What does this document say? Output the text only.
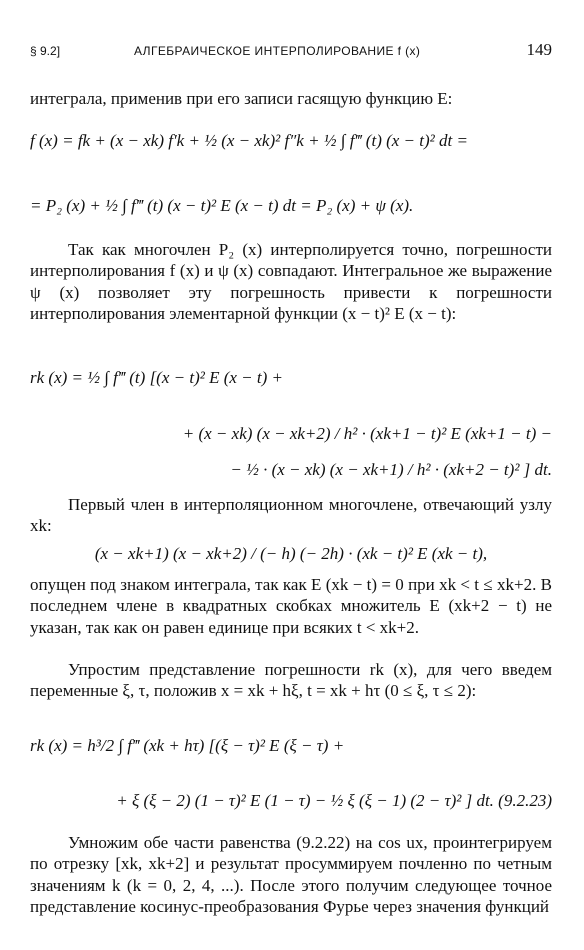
§ 9.2]	АЛГЕБРАИЧЕСКОЕ ИНТЕРПОЛИРОВАНИЕ f (x)	149
интеграла, применив при его записи гасящую функцию E:
f (x) = fk + (x − xk) f′k + ½ (x − xk)² f″k + ½ ∫ f‴ (t) (x − t)² dt =
= P₂ (x) + ½ ∫ f‴ (t) (x − t)² E (x − t) dt = P₂ (x) + ψ (x).
Так как многочлен P₂ (x) интерполируется точно, погрешности интерполирования f (x) и ψ (x) совпадают. Интегральное же выражение ψ (x) позволяет эту погрешность привести к погрешности интерполирования элементарной функции (x − t)² E (x − t):
rk (x) = ½ ∫ f‴ (t) [(x − t)² E (x − t) +
+ (x − xk) (x − xk+2) / h² · (xk+1 − t)² E (xk+1 − t) −
− ½ · (x − xk) (x − xk+1) / h² · (xk+2 − t)² ] dt.
Первый член в интерполяционном многочлене, отвечающий узлу xk:
(x − xk+1) (x − xk+2) / (− h) (− 2h) · (xk − t)² E (xk − t),
опущен под знаком интеграла, так как E (xk − t) = 0 при xk < t ≤ xk+2. В последнем члене в квадратных скобках множитель E (xk+2 − t) не указан, так как он равен единице при всяких t < xk+2.
Упростим представление погрешности rk (x), для чего введем переменные ξ, τ, положив x = xk + hξ, t = xk + hτ (0 ≤ ξ, τ ≤ 2):
rk (x) = h³/2 ∫ f‴ (xk + hτ) [(ξ − τ)² E (ξ − τ) +
+ ξ (ξ − 2) (1 − τ)² E (1 − τ) − ½ ξ (ξ − 1) (2 − τ)² ] dt. (9.2.23)
Умножим обе части равенства (9.2.22) на cos ux, проинтегрируем по отрезку [xk, xk+2] и результат просуммируем почленно по четным значениям k (k = 0, 2, 4, ...). После этого получим следующее точное представление косинус-преобразования Фурье через значения функций
